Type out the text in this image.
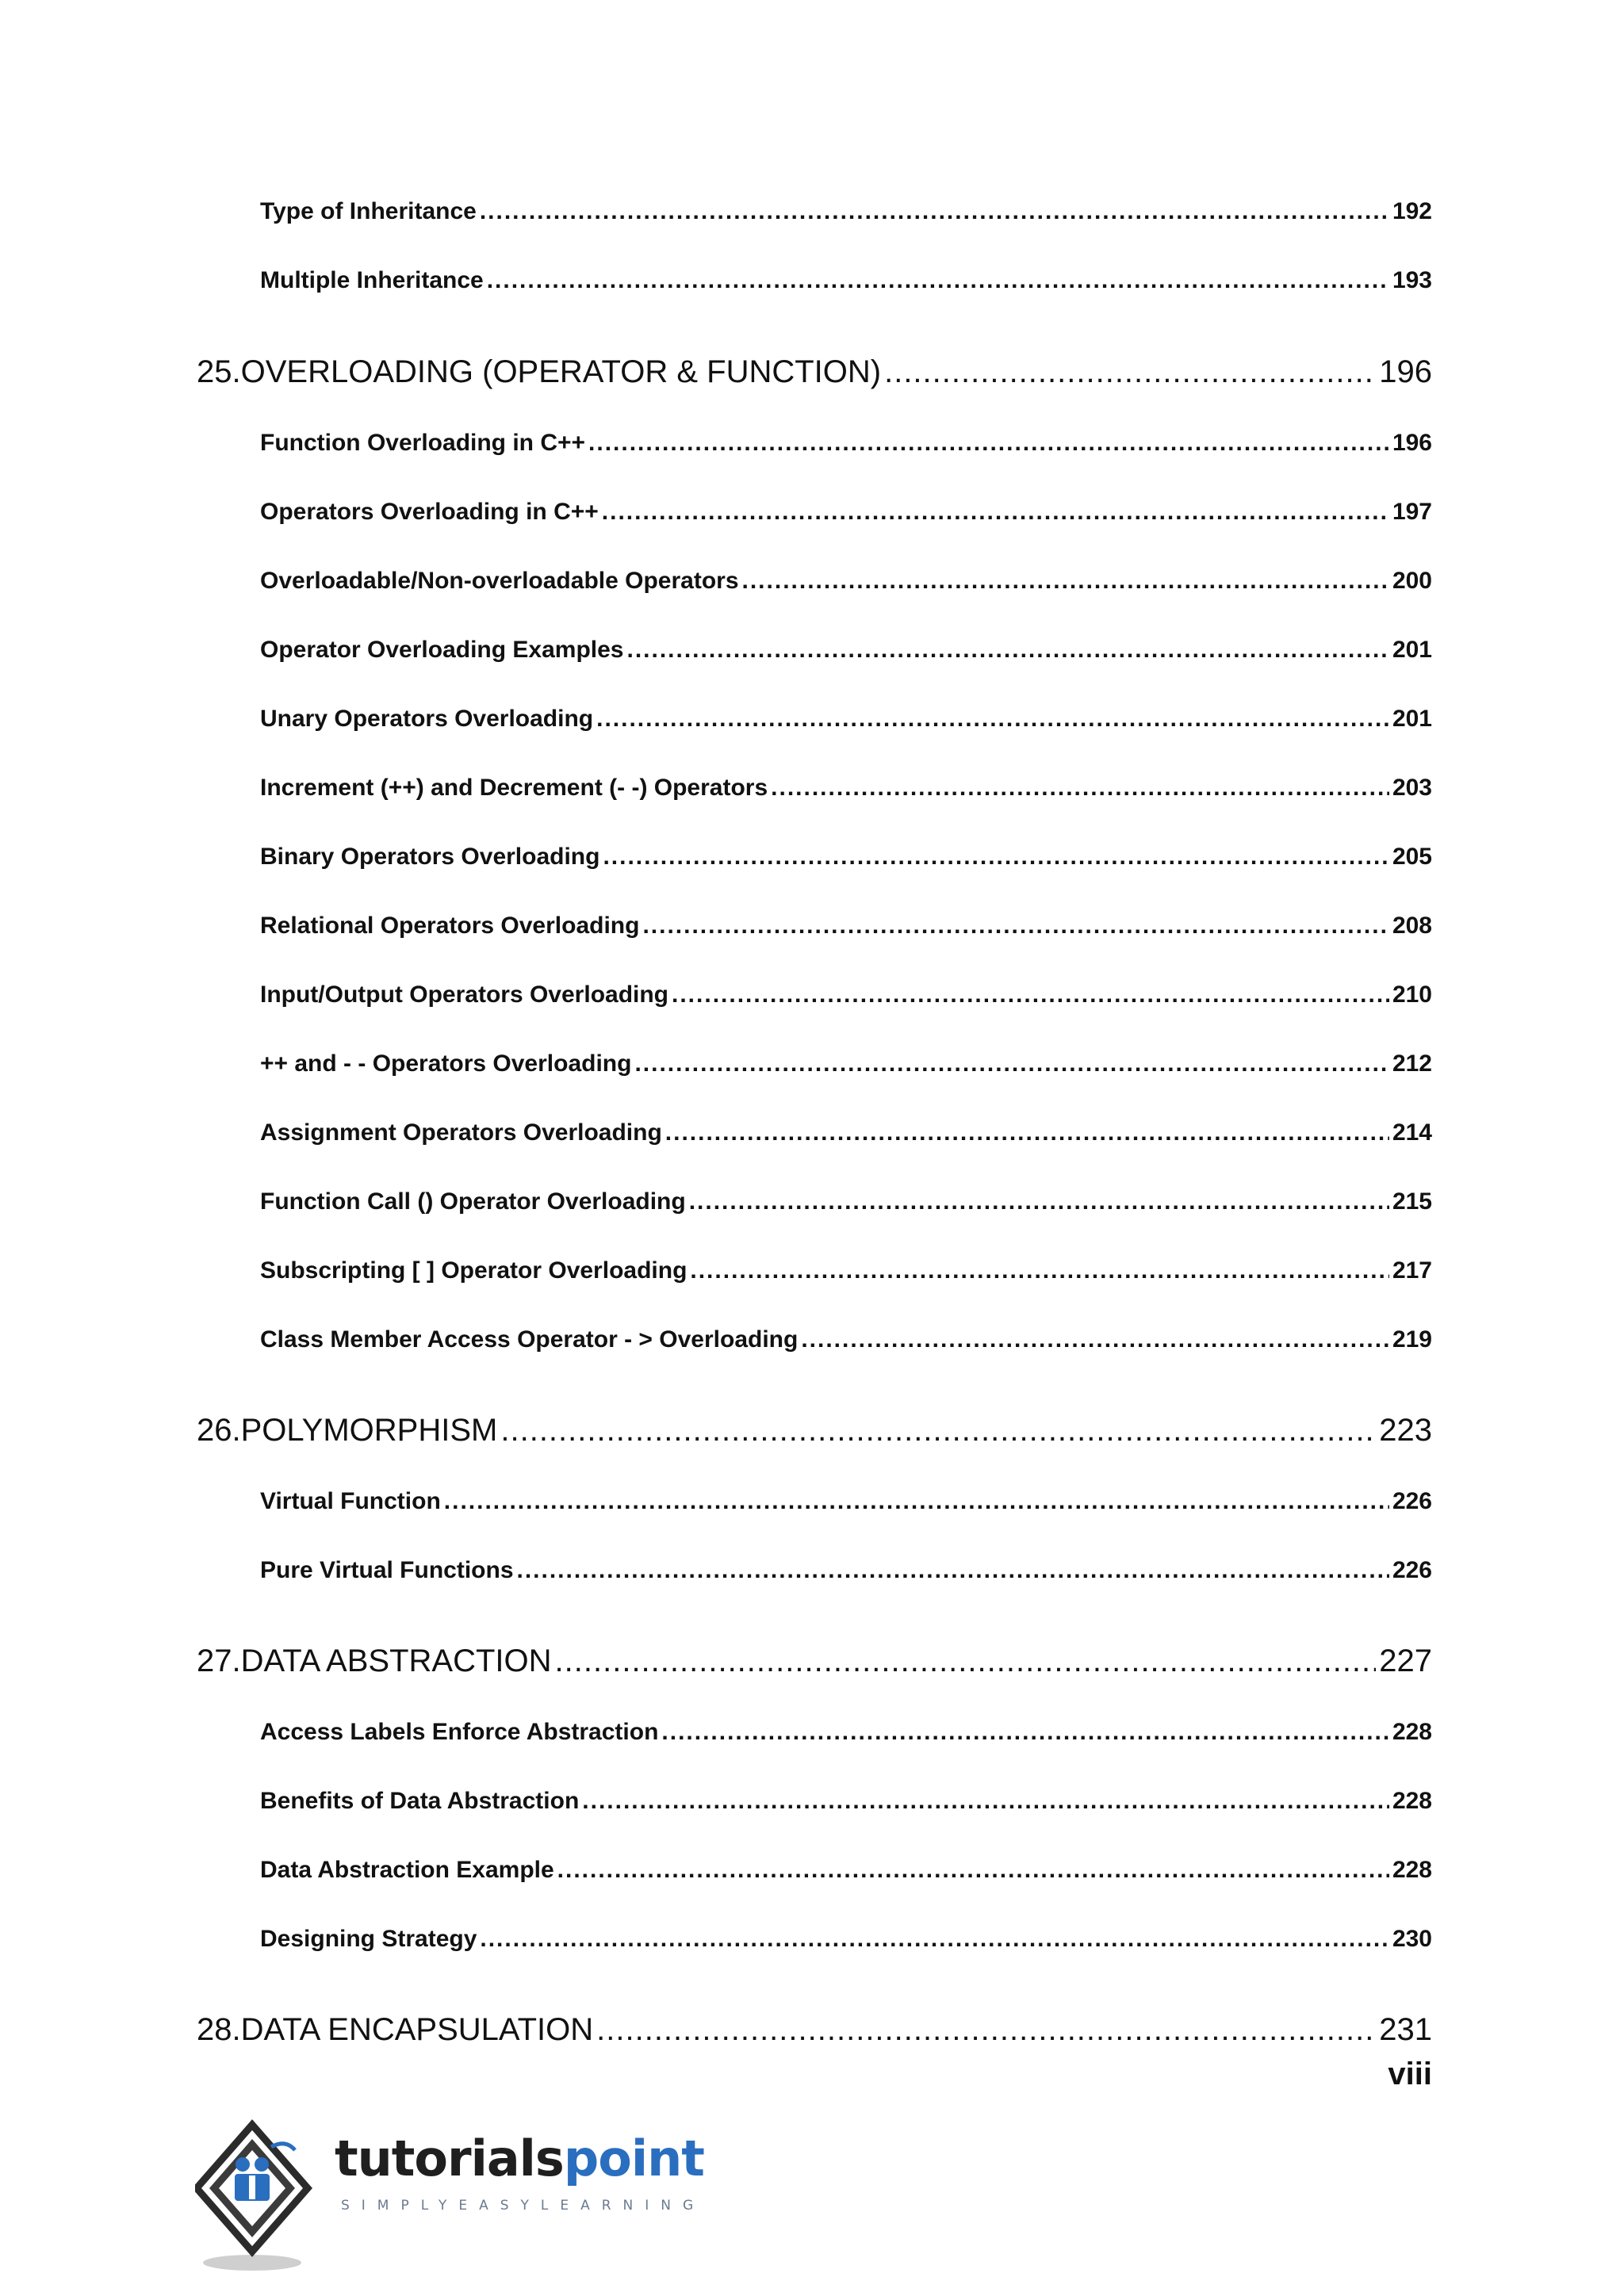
Type of Inheritance .....	192
Multiple Inheritance .....	193
25. OVERLOADING (OPERATOR & FUNCTION) .....	196
Function Overloading in C++ .....	196
Operators Overloading in C++ .....	197
Overloadable/Non-overloadable Operators .....	200
Operator Overloading Examples .....	201
Unary Operators Overloading .....	201
Increment (++) and Decrement (- -) Operators .....	203
Binary Operators Overloading .....	205
Relational Operators Overloading .....	208
Input/Output Operators Overloading .....	210
++ and - - Operators Overloading .....	212
Assignment Operators Overloading .....	214
Function Call () Operator Overloading .....	215
Subscripting [ ] Operator Overloading .....	217
Class Member Access Operator - > Overloading .....	219
26. POLYMORPHISM .....	223
Virtual Function .....	226
Pure Virtual Functions .....	226
27. DATA ABSTRACTION .....	227
Access Labels Enforce Abstraction .....	228
Benefits of Data Abstraction .....	228
Data Abstraction Example .....	228
Designing Strategy .....	230
28. DATA ENCAPSULATION .....	231
viii
tutorialspoint
SIMPLYEASYLEARNING
